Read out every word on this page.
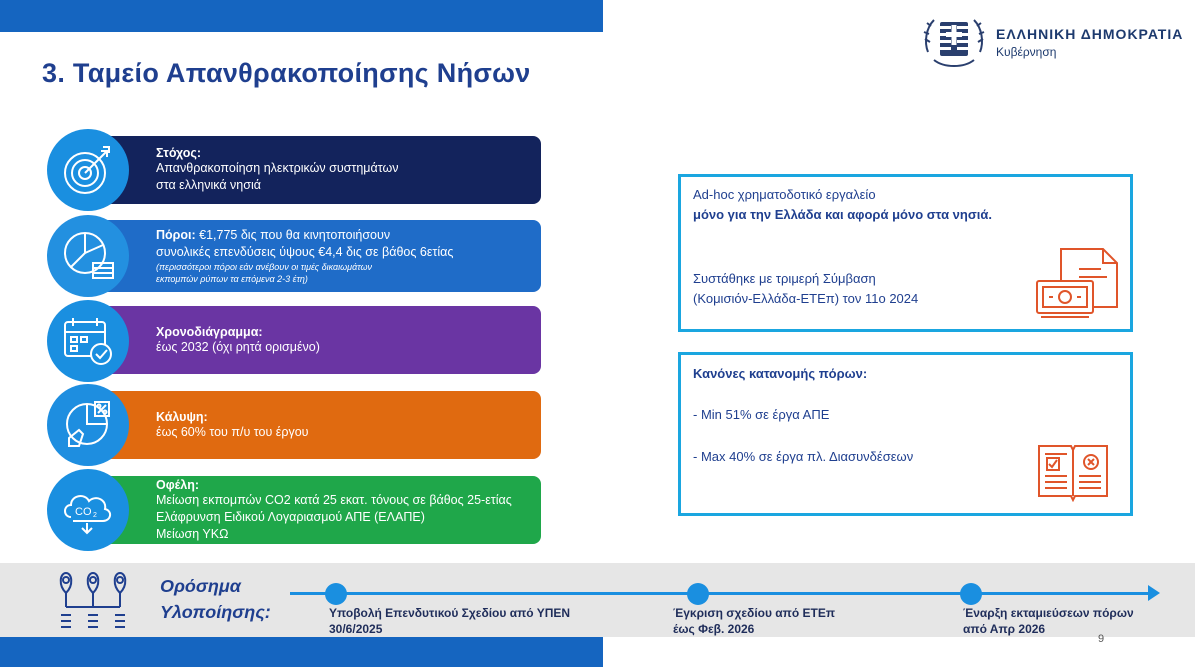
ΕΛΛΗΝΙΚΗ ΔΗΜΟΚΡΑΤΙΑ
Κυβέρνηση
3. Ταμείο Απανθρακοποίησης Νήσων
Στόχος:
Απανθρακοποίηση ηλεκτρικών συστημάτων
στα ελληνικά νησιά
Πόροι: €1,775 δις που θα κινητοποιήσουν
συνολικές επενδύσεις ύψους €4,4 δις σε βάθος 6ετίας
(περισσότεροι πόροι εάν ανέβουν οι τιμές δικαιωμάτων
εκπομπών ρύπων τα επόμενα 2-3 έτη)
Χρονοδιάγραμμα:
έως 2032 (όχι ρητά ορισμένο)
Κάλυψη:
έως 60% του π/υ του έργου
Οφέλη:
Μείωση εκπομπών CO2 κατά 25 εκατ. τόνους σε βάθος 25-ετίας
Ελάφρυνση Ειδικού Λογαριασμού ΑΠΕ (ΕΛΑΠΕ)
Μείωση ΥΚΩ
CO 2

Ad-hoc χρηματοδοτικό εργαλείο

μόνο για την Ελλάδα και αφορά μόνο στα νησιά.

Συστάθηκε με τριμερή Σύμβαση

(Κομισιόν-Ελλάδα-ΕΤΕπ) τον 11ο 2024

Κανόνες κατανομής πόρων:

- Min 51% σε έργα ΑΠΕ

- Max 40% σε έργα πλ. Διασυνδέσεων

Ορόσημα
Υλοποίησης:	Υποβολή Επενδυτικού Σχεδίου από ΥΠΕΝ
30/6/2025
Έγκριση σχεδίου από ΕΤΕπ
έως Φεβ. 2026
Έναρξη εκταμιεύσεων πόρων
από Απρ 2026
9
